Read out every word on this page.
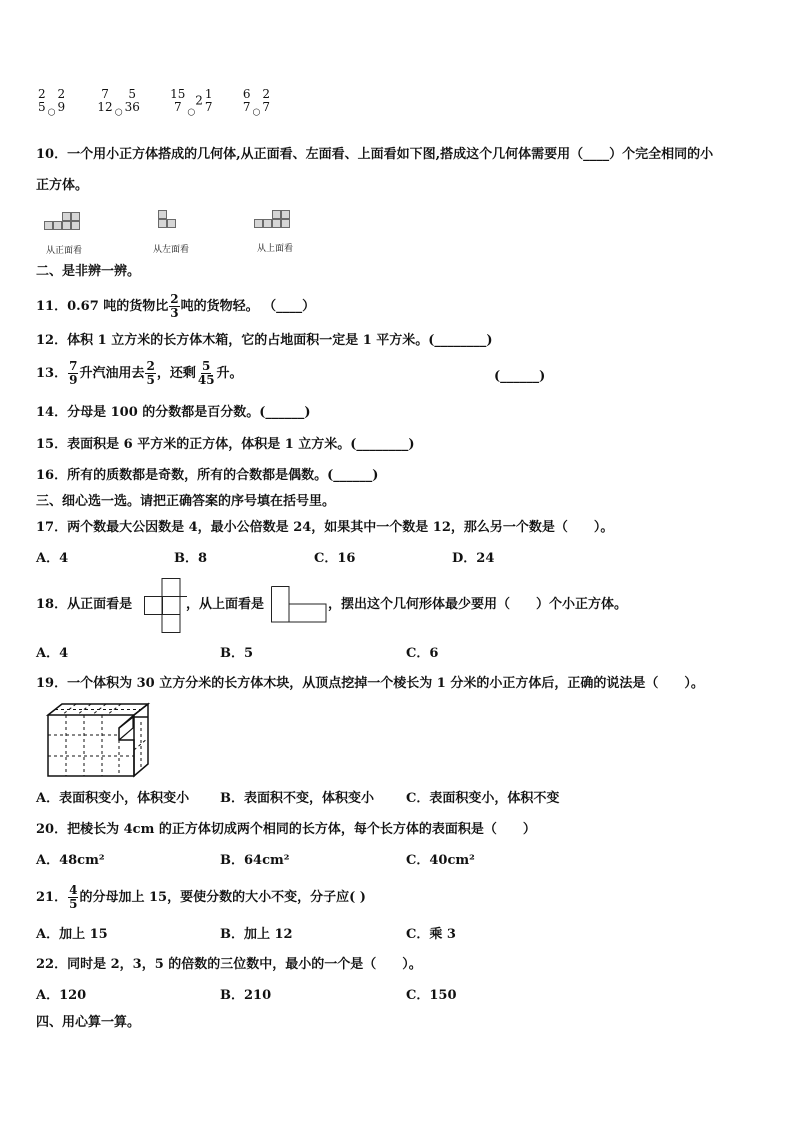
2
5 $_○$
2
9

7
12 $_○$
5
36

15
7 $_○$2 1
7

6
7 $_○$
2
7
10．一个用小正方体搭成的几何体,从正面看、左面看、上面看如下图,搭成这个几何体需要用（____）个完全相同的小
正方体。
从正面看	从左面看	从上面看
二、是非辨一辨。
11．0.67 吨的货物比 $\frac{2}{3}$ 吨的货物轻。 （____）
12．体积 1 立方米的长方体木箱，它的占地面积一定是 1 平方米。(________)
13． $\frac{7}{9}$ 升汽油用去 $\frac{2}{5}$ ，还剩 $\frac{5}{45}$ 升。	(______)
14．分母是 100 的分数都是百分数。(______)
15．表面积是 6 平方米的正方体，体积是 1 立方米。(________)
16．所有的质数都是奇数，所有的合数都是偶数。(______)
三、细心选一选。请把正确答案的序号填在括号里。
17．两个数最大公因数是 4，最小公倍数是 24，如果其中一个数是 12，那么另一个数是（　　）。
A．4	B．8	C．16	D．24
18．从正面看是	，从上面看是	，摆出这个几何形体最少要用（　　）个小正方体。
A．4	B．5	C．6
19．一个体积为 30 立方分米的长方体木块，从顶点挖掉一个棱长为 1 分米的小正方体后，正确的说法是（　　）。
A．表面积变小，体积变小 B．表面积不变，体积变小 C．表面积变小，体积不变
20．把棱长为 4cm 的正方体切成两个相同的长方体，每个长方体的表面积是（　　）
A．48cm²	B．64cm²	C．40cm²
21． $\frac{4}{5}$ 的分母加上 15，要使分数的大小不变，分子应( )
A．加上 15	B．加上 12	C．乘 3
22．同时是 2，3，5 的倍数的三位数中，最小的一个是（　　）。
A．120	B．210	C．150
四、用心算一算。
